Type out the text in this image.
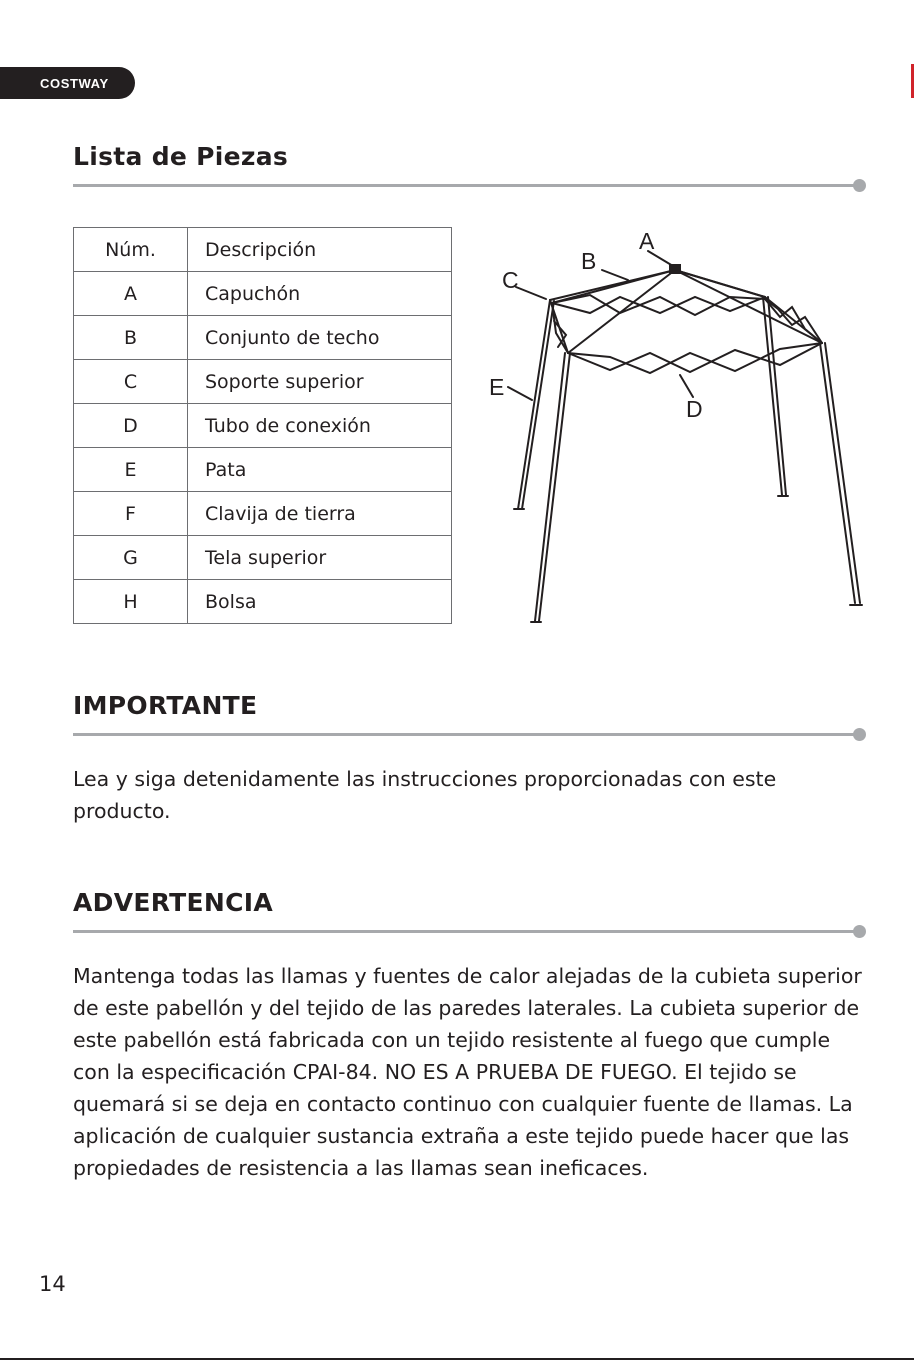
COSTWAY
Lista de Piezas
Núm.	Descripción
A	Capuchón
B	Conjunto de techo
C	Soporte superior
D	Tubo de conexión
E	Pata
F	Clavija de tierra
G	Tela superior
H	Bolsa
A
B
C
E
D
IMPORTANTE

Lea y siga detenidamente las instrucciones proporcionadas con este producto.

ADVERTENCIA

Mantenga todas las llamas y fuentes de calor alejadas de la cubieta superior de este pabellón y del tejido de las paredes laterales. La cubieta superior de este pabellón está fabricada con un tejido resistente al fuego que cumple con la especificación CPAI-84. NO ES A PRUEBA DE FUEGO. El tejido se quemará si se deja en contacto continuo con cualquier fuente de llamas. La aplicación de cualquier sustancia extraña a este tejido puede hacer que las propiedades de resistencia a las llamas sean ineficaces.

14
